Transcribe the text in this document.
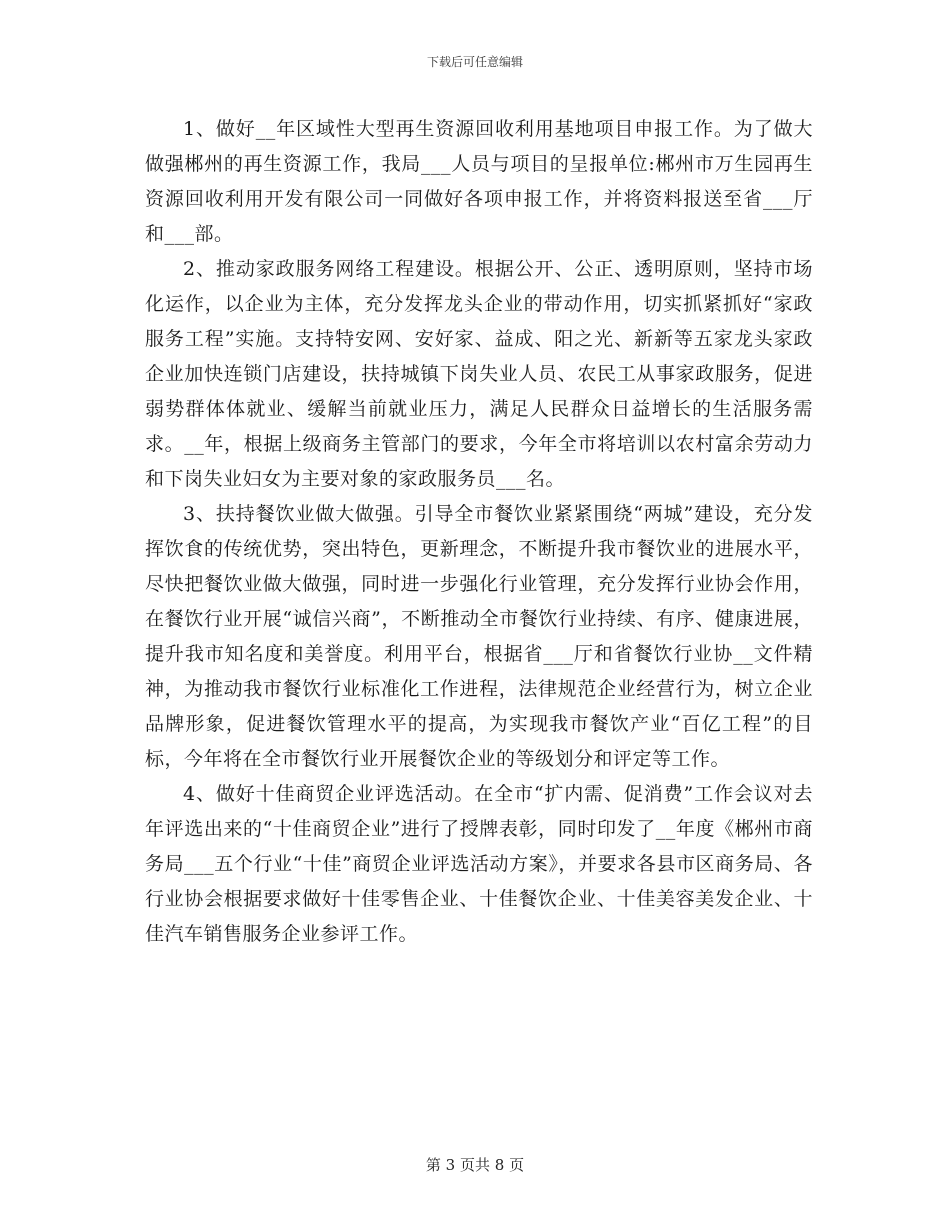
下载后可任意编辑

1、做好__年区域性大型再生资源回收利用基地项目申报工作。为了做大做强郴州的再生资源工作，我局___人员与项目的呈报单位:郴州市万生园再生资源回收利用开发有限公司一同做好各项申报工作，并将资料报送至省___厅和___部。

2、推动家政服务网络工程建设。根据公开、公正、透明原则，坚持市场化运作，以企业为主体，充分发挥龙头企业的带动作用，切实抓紧抓好“家政服务工程”实施。支持特安网、安好家、益成、阳之光、新新等五家龙头家政企业加快连锁门店建设，扶持城镇下岗失业人员、农民工从事家政服务，促进弱势群体体就业、缓解当前就业压力，满足人民群众日益增长的生活服务需求。__年，根据上级商务主管部门的要求，今年全市将培训以农村富余劳动力和下岗失业妇女为主要对象的家政服务员___名。

3、扶持餐饮业做大做强。引导全市餐饮业紧紧围绕“两城”建设，充分发挥饮食的传统优势，突出特色，更新理念，不断提升我市餐饮业的进展水平，尽快把餐饮业做大做强，同时进一步强化行业管理，充分发挥行业协会作用，在餐饮行业开展“诚信兴商”，不断推动全市餐饮行业持续、有序、健康进展，提升我市知名度和美誉度。利用平台，根据省___厅和省餐饮行业协__文件精神，为推动我市餐饮行业标准化工作进程，法律规范企业经营行为，树立企业品牌形象，促进餐饮管理水平的提高，为实现我市餐饮产业“百亿工程”的目标，今年将在全市餐饮行业开展餐饮企业的等级划分和评定等工作。

4、做好十佳商贸企业评选活动。在全市“扩内需、促消费”工作会议对去年评选出来的“十佳商贸企业”进行了授牌表彰，同时印发了__年度《郴州市商务局___五个行业“十佳”商贸企业评选活动方案》，并要求各县市区商务局、各行业协会根据要求做好十佳零售企业、十佳餐饮企业、十佳美容美发企业、十佳汽车销售服务企业参评工作。

第 3 页共 8 页
